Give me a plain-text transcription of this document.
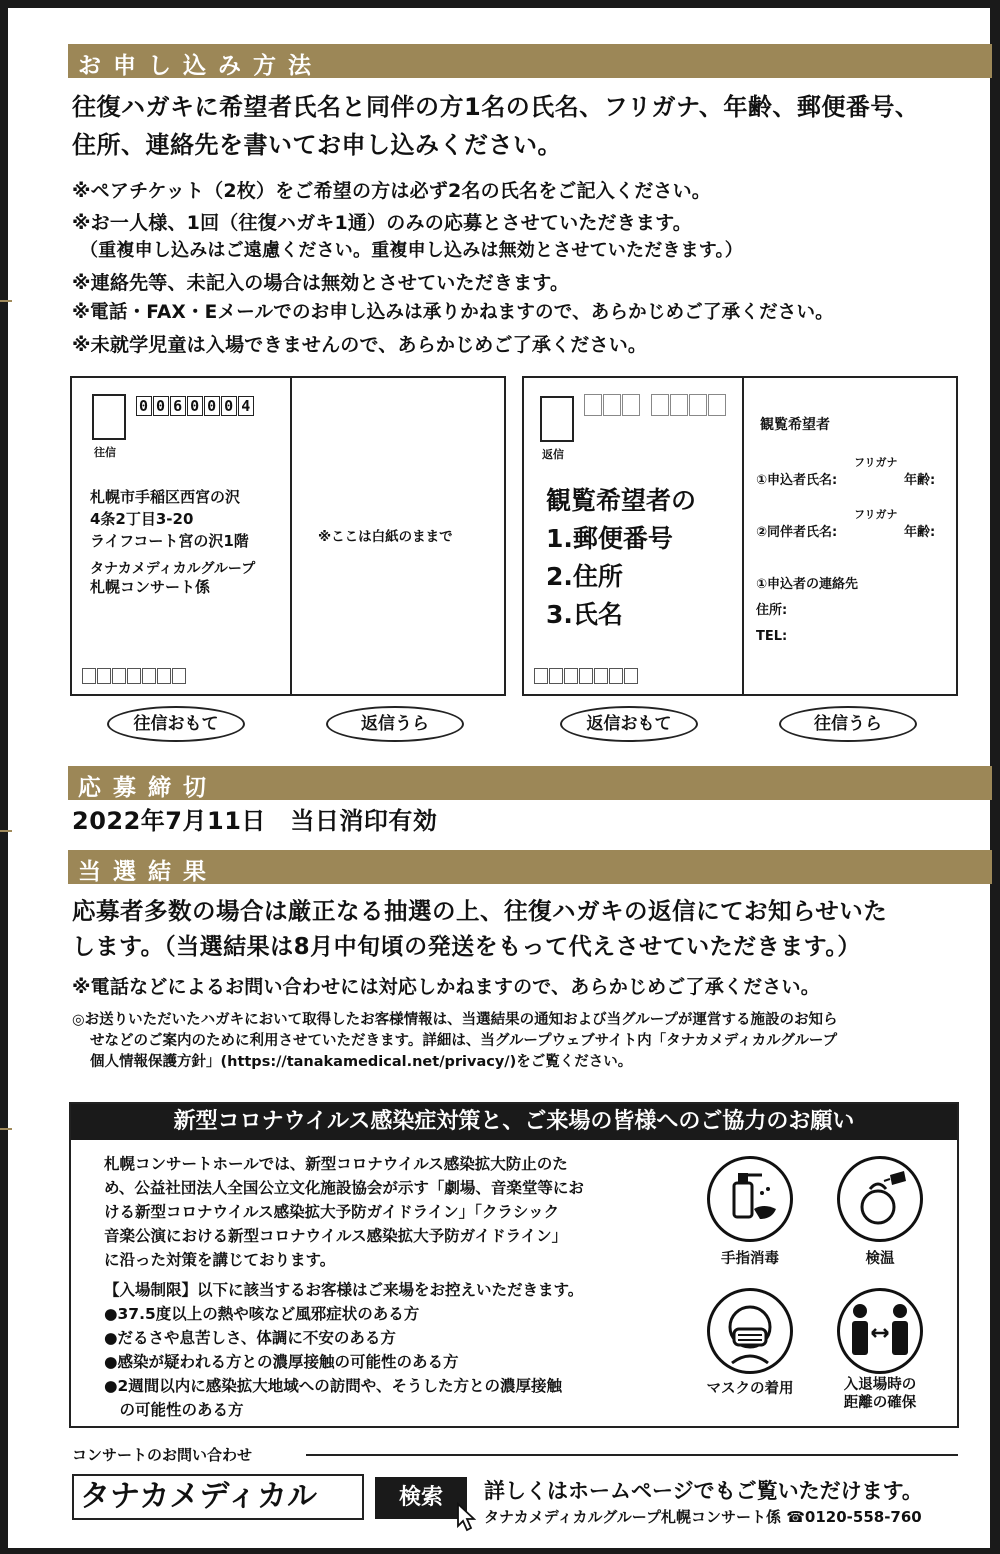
お申し込み方法
往復ハガキに希望者氏名と同伴の方1名の氏名、フリガナ、年齢、郵便番号、
住所、連絡先を書いてお申し込みください。
※ペアチケット（2枚）をご希望の方は必ず2名の氏名をご記入ください。
※お一人様、1回（往復ハガキ1通）のみの応募とさせていただきます。
（重複申し込みはご遠慮ください。重複申し込みは無効とさせていただきます。）
※連絡先等、未記入の場合は無効とさせていただきます。
※電話・FAX・Eメールでのお申し込みは承りかねますので、あらかじめご了承ください。
※未就学児童は入場できませんので、あらかじめご了承ください。
往信
0 0 6 0 0 0 4
札幌市手稲区西宮の沢
4条2丁目3-20
ライフコート宮の沢1階
タナカメディカルグループ
札幌コンサート係
※ここは白紙のままで
返信

観覧希望者の
1.郵便番号
2.住所
3.氏名
観覧希望者
フリガナ
①申込者氏名:	年齢:
フリガナ
②同伴者氏名:	年齢:
①申込者の連絡先
住所:
TEL:
往信おもて	返信うら	返信おもて	往信うら
応募締切
2022年7月11日　当日消印有効
当選結果
応募者多数の場合は厳正なる抽選の上、往復ハガキの返信にてお知らせいた
します。（当選結果は8月中旬頃の発送をもって代えさせていただきます。）
※電話などによるお問い合わせには対応しかねますので、あらかじめご了承ください。
◎お送りいただいたハガキにおいて取得したお客様情報は、当選結果の通知および当グループが運営する施設のお知ら
せなどのご案内のために利用させていただきます。詳細は、当グループウェブサイト内「タナカメディカルグループ
個人情報保護方針」(https://tanakamedical.net/privacy/)をご覧ください。
新型コロナウイルス感染症対策と、ご来場の皆様へのご協力のお願い
札幌コンサートホールでは、新型コロナウイルス感染拡大防止のた
め、公益社団法人全国公立文化施設協会が示す「劇場、音楽堂等にお
ける新型コロナウイルス感染拡大予防ガイドライン」「クラシック
音楽公演における新型コロナウイルス感染拡大予防ガイドライン」
に沿った対策を講じております。
【入場制限】以下に該当するお客様はご来場をお控えいただきます。
●37.5度以上の熱や咳など風邪症状のある方
●だるさや息苦しさ、体調に不安のある方
●感染が疑われる方との濃厚接触の可能性のある方
●2週間以内に感染拡大地域への訪問や、そうした方との濃厚接触
　の可能性のある方
手指消毒	検温
マスクの着用	入退場時の
距離の確保
コンサートのお問い合わせ
タナカメディカル	検索	詳しくはホームページでもご覧いただけます。
タナカメディカルグループ札幌コンサート係 ☎0120-558-760
